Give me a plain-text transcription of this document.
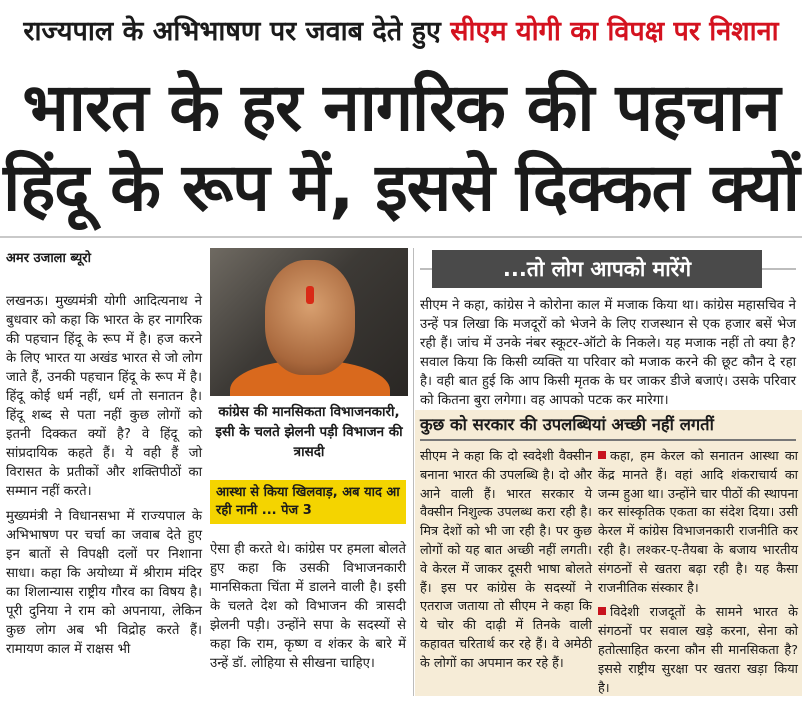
राज्यपाल के अभिभाषण पर जवाब देते हुए सीएम योगी का विपक्ष पर निशाना
भारत के हर नागरिक की पहचान
हिंदू के रूप में, इससे दिक्कत क्यों
अमर उजाला ब्यूरो

लखनऊ। मुख्यमंत्री योगी आदित्यनाथ ने बुधवार को कहा कि भारत के हर नागरिक की पहचान हिंदू के रूप में है। हज करने के लिए भारत या अखंड भारत से जो लोग जाते हैं, उनकी पहचान हिंदू के रूप में है। हिंदू कोई धर्म नहीं, धर्म तो सनातन है। हिंदू शब्द से पता नहीं कुछ लोगों को इतनी दिक्कत क्यों है? वे हिंदू को सांप्रदायिक कहते हैं। ये वही हैं जो विरासत के प्रतीकों और शक्तिपीठों का सम्मान नहीं करते।

मुख्यमंत्री ने विधानसभा में राज्यपाल के अभिभाषण पर चर्चा का जवाब देते हुए इन बातों से विपक्षी दलों पर निशाना साधा। कहा कि अयोध्या में श्रीराम मंदिर का शिलान्यास राष्ट्रीय गौरव का विषय है। पूरी दुनिया ने राम को अपनाया, लेकिन कुछ लोग अब भी विद्रोह करते हैं। रामायण काल में राक्षस भी

कांग्रेस की मानसिकता विभाजनकारी, इसी के चलते झेलनी पड़ी विभाजन की त्रासदी
आस्था से किया खिलवाड़, अब याद आ रही नानी ... पेज 3
ऐसा ही करते थे। कांग्रेस पर हमला बोलते हुए कहा कि उसकी विभाजनकारी मानसिकता चिंता में डालने वाली है। इसी के चलते देश को विभाजन की त्रासदी झेलनी पड़ी। उन्होंने सपा के सदस्यों से कहा कि राम, कृष्ण व शंकर के बारे में उन्हें डॉ. लोहिया से सीखना चाहिए।
...तो लोग आपको मारेंगे
सीएम ने कहा, कांग्रेस ने कोरोना काल में मजाक किया था। कांग्रेस महासचिव ने उन्हें पत्र लिखा कि मजदूरों को भेजने के लिए राजस्थान से एक हजार बसें भेज रही हैं। जांच में उनके नंबर स्कूटर-ऑटो के निकले। यह मजाक नहीं तो क्या है? सवाल किया कि किसी व्यक्ति या परिवार को मजाक करने की छूट कौन दे रहा है। वही बात हुई कि आप किसी मृतक के घर जाकर डीजे बजाएं। उसके परिवार को कितना बुरा लगेगा। वह आपको पटक कर मारेगा।
कुछ को सरकार की उपलब्धियां अच्छी नहीं लगतीं
सीएम ने कहा कि दो स्वदेशी वैक्सीन बनाना भारत की उपलब्धि है। दो और आने वाली हैं। भारत सरकार ये वैक्सीन निशुल्क उपलब्ध करा रही है। मित्र देशों को भी जा रही है। पर कुछ लोगों को यह बात अच्छी नहीं लगती। वे केरल में जाकर दूसरी भाषा बोलते हैं। इस पर कांग्रेस के सदस्यों ने एतराज जताया तो सीएम ने कहा कि ये चोर की दाढ़ी में तिनके वाली कहावत चरितार्थ कर रहे हैं। वे अमेठी के लोगों का अपमान कर रहे हैं।

कहा, हम केरल को सनातन आस्था का केंद्र मानते हैं। वहां आदि शंकराचार्य का जन्म हुआ था। उन्होंने चार पीठों की स्थापना कर सांस्कृतिक एकता का संदेश दिया। उसी केरल में कांग्रेस विभाजनकारी राजनीति कर रही है। लश्कर-ए-तैयबा के बजाय भारतीय संगठनों से खतरा बढ़ा रही है। यह कैसा राजनीतिक संस्कार है।

विदेशी राजदूतों के सामने भारत के संगठनों पर सवाल खड़े करना, सेना को हतोत्साहित करना कौन सी मानसिकता है? इससे राष्ट्रीय सुरक्षा पर खतरा खड़ा किया है।
